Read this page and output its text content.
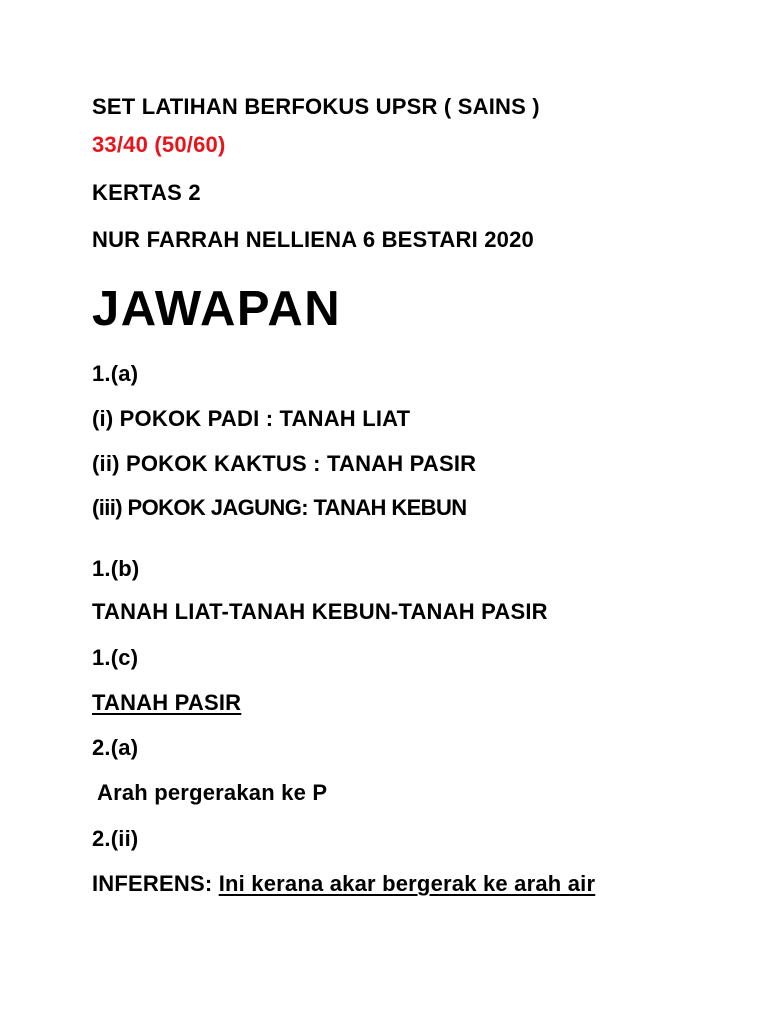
SET LATIHAN BERFOKUS UPSR ( SAINS )
33/40 (50/60)
KERTAS 2
NUR FARRAH NELLIENA 6 BESTARI 2020
JAWAPAN
1.(a)
(i) POKOK PADI : TANAH LIAT
(ii) POKOK KAKTUS : TANAH PASIR
(iii) POKOK JAGUNG: TANAH KEBUN
1.(b)
TANAH LIAT-TANAH KEBUN-TANAH PASIR
1.(c)
TANAH PASIR
2.(a)
Arah pergerakan ke P
2.(ii)
INFERENS: Ini kerana akar bergerak ke arah air
